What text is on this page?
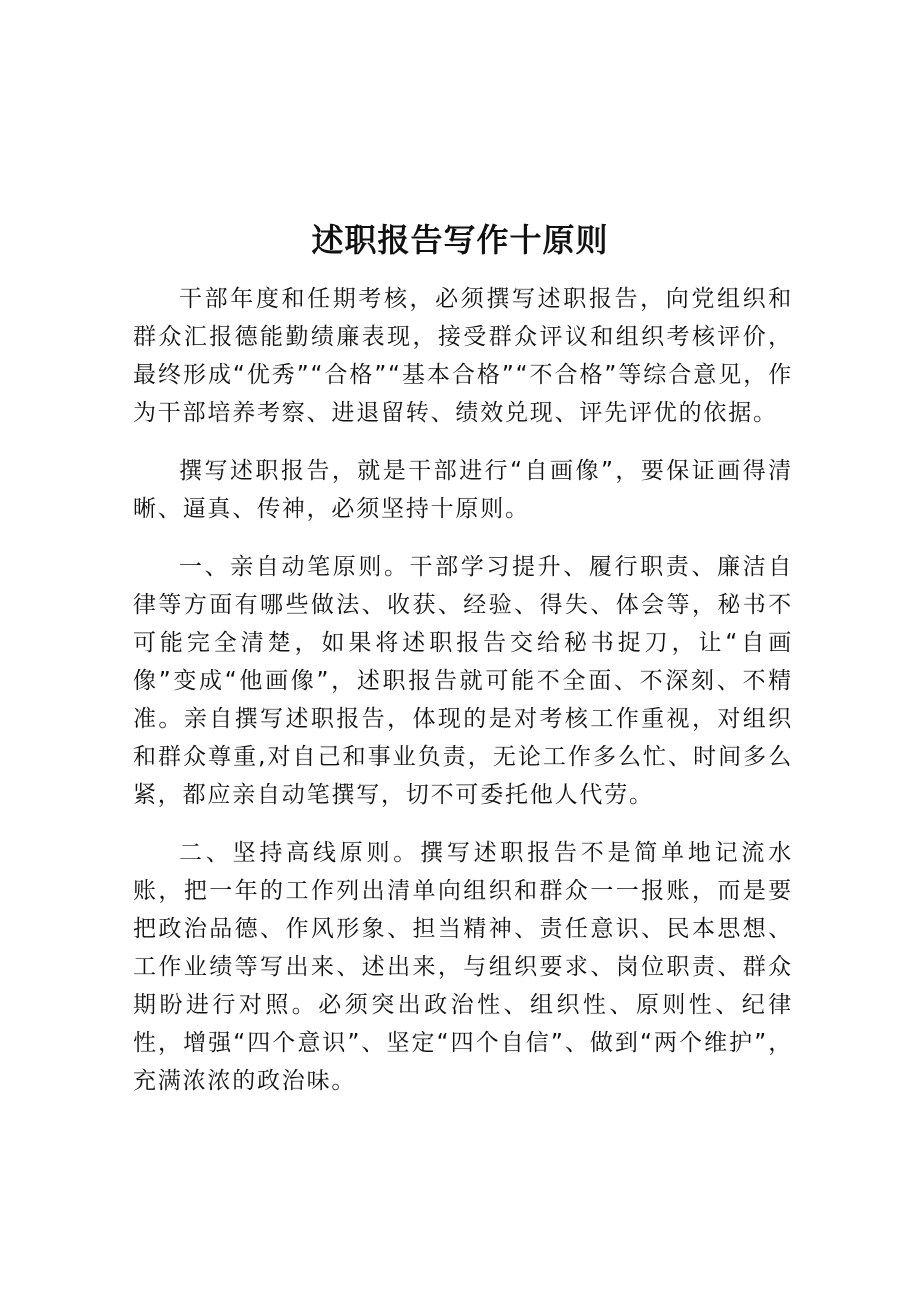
述职报告写作十原则

干部年度和任期考核，必须撰写述职报告，向党组织和群众汇报德能勤绩廉表现，接受群众评议和组织考核评价，最终形成“优秀”“合格”“基本合格”“不合格”等综合意见，作为干部培养考察、进退留转、绩效兑现、评先评优的依据。

撰写述职报告，就是干部进行“自画像”，要保证画得清晰、逼真、传神，必须坚持十原则。

一、亲自动笔原则。干部学习提升、履行职责、廉洁自律等方面有哪些做法、收获、经验、得失、体会等，秘书不可能完全清楚，如果将述职报告交给秘书捉刀，让“自画像”变成“他画像”，述职报告就可能不全面、不深刻、不精准。亲自撰写述职报告，体现的是对考核工作重视，对组织和群众尊重,对自己和事业负责，无论工作多么忙、时间多么紧，都应亲自动笔撰写，切不可委托他人代劳。

二、坚持高线原则。撰写述职报告不是简单地记流水账，把一年的工作列出清单向组织和群众一一报账，而是要把政治品德、作风形象、担当精神、责任意识、民本思想、工作业绩等写出来、述出来，与组织要求、岗位职责、群众期盼进行对照。必须突出政治性、组织性、原则性、纪律性，增强“四个意识”、坚定“四个自信”、做到“两个维护”，充满浓浓的政治味。
